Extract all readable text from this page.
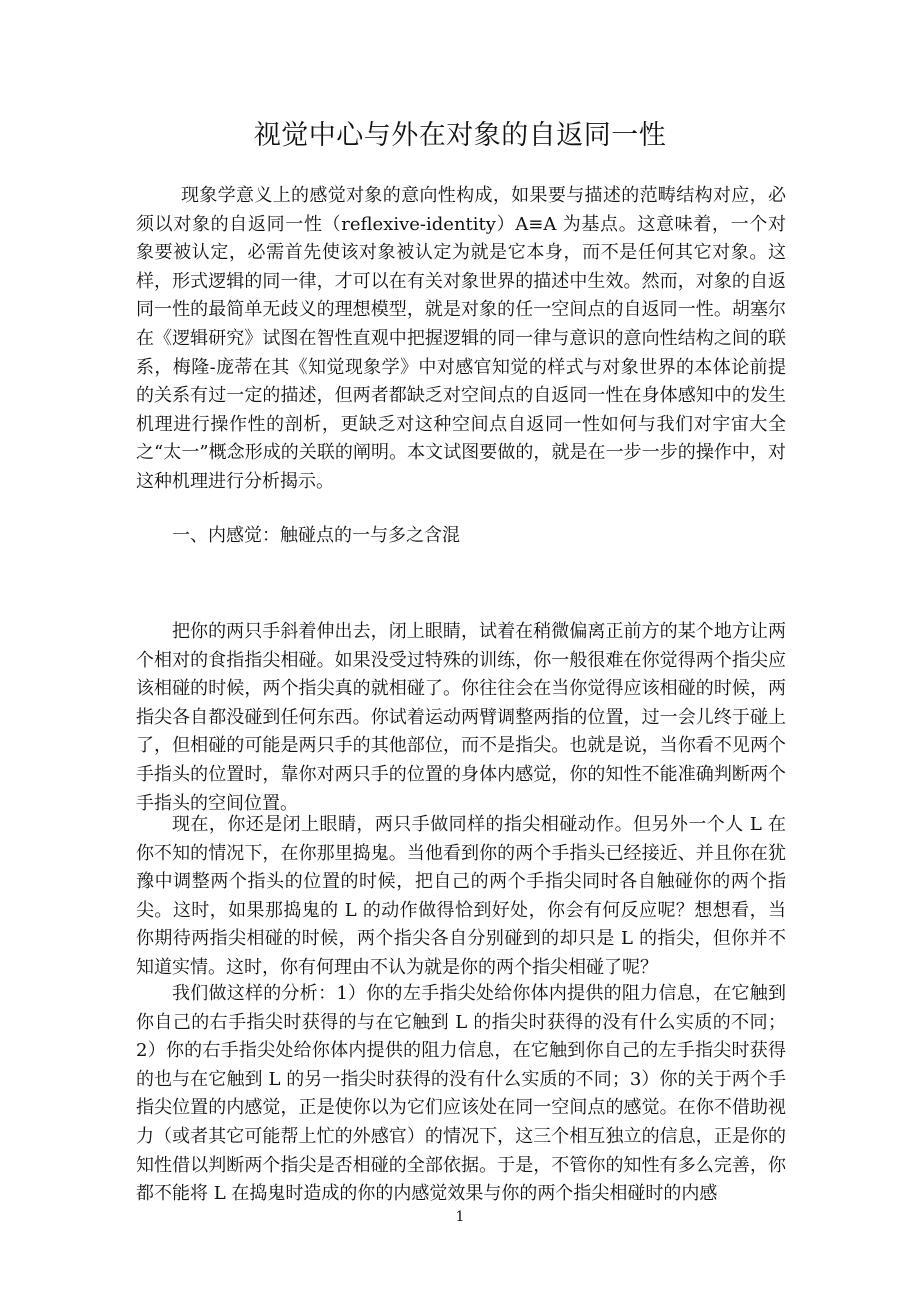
视觉中心与外在对象的自返同一性

现象学意义上的感觉对象的意向性构成，如果要与描述的范畴结构对应，必须以对象的自返同一性（reflexive-identity）A≡A 为基点。这意味着，一个对象要被认定，必需首先使该对象被认定为就是它本身，而不是任何其它对象。这样，形式逻辑的同一律，才可以在有关对象世界的描述中生效。然而，对象的自返同一性的最简单无歧义的理想模型，就是对象的任一空间点的自返同一性。胡塞尔在《逻辑研究》试图在智性直观中把握逻辑的同一律与意识的意向性结构之间的联系，梅隆-庞蒂在其《知觉现象学》中对感官知觉的样式与对象世界的本体论前提的关系有过一定的描述，但两者都缺乏对空间点的自返同一性在身体感知中的发生机理进行操作性的剖析，更缺乏对这种空间点自返同一性如何与我们对宇宙大全之“太一”概念形成的关联的阐明。本文试图要做的，就是在一步一步的操作中，对这种机理进行分析揭示。

一、内感觉：触碰点的一与多之含混

把你的两只手斜着伸出去，闭上眼睛，试着在稍微偏离正前方的某个地方让两个相对的食指指尖相碰。如果没受过特殊的训练，你一般很难在你觉得两个指尖应该相碰的时候，两个指尖真的就相碰了。你往往会在当你觉得应该相碰的时候，两指尖各自都没碰到任何东西。你试着运动两臂调整两指的位置，过一会儿终于碰上了，但相碰的可能是两只手的其他部位，而不是指尖。也就是说，当你看不见两个手指头的位置时，靠你对两只手的位置的身体内感觉，你的知性不能准确判断两个手指头的空间位置。

现在，你还是闭上眼睛，两只手做同样的指尖相碰动作。但另外一个人 L 在你不知的情况下，在你那里捣鬼。当他看到你的两个手指头已经接近、并且你在犹豫中调整两个指头的位置的时候，把自己的两个手指尖同时各自触碰你的两个指尖。这时，如果那捣鬼的 L 的动作做得恰到好处，你会有何反应呢？想想看，当你期待两指尖相碰的时候，两个指尖各自分别碰到的却只是 L 的指尖，但你并不知道实情。这时，你有何理由不认为就是你的两个指尖相碰了呢？

我们做这样的分析：1）你的左手指尖处给你体内提供的阻力信息，在它触到你自己的右手指尖时获得的与在它触到 L 的指尖时获得的没有什么实质的不同；2）你的右手指尖处给你体内提供的阻力信息，在它触到你自己的左手指尖时获得的也与在它触到 L 的另一指尖时获得的没有什么实质的不同；3）你的关于两个手指尖位置的内感觉，正是使你以为它们应该处在同一空间点的感觉。在你不借助视力（或者其它可能帮上忙的外感官）的情况下，这三个相互独立的信息，正是你的知性借以判断两个指尖是否相碰的全部依据。于是，不管你的知性有多么完善，你都不能将 L 在捣鬼时造成的你的内感觉效果与你的两个指尖相碰时的内感

1
